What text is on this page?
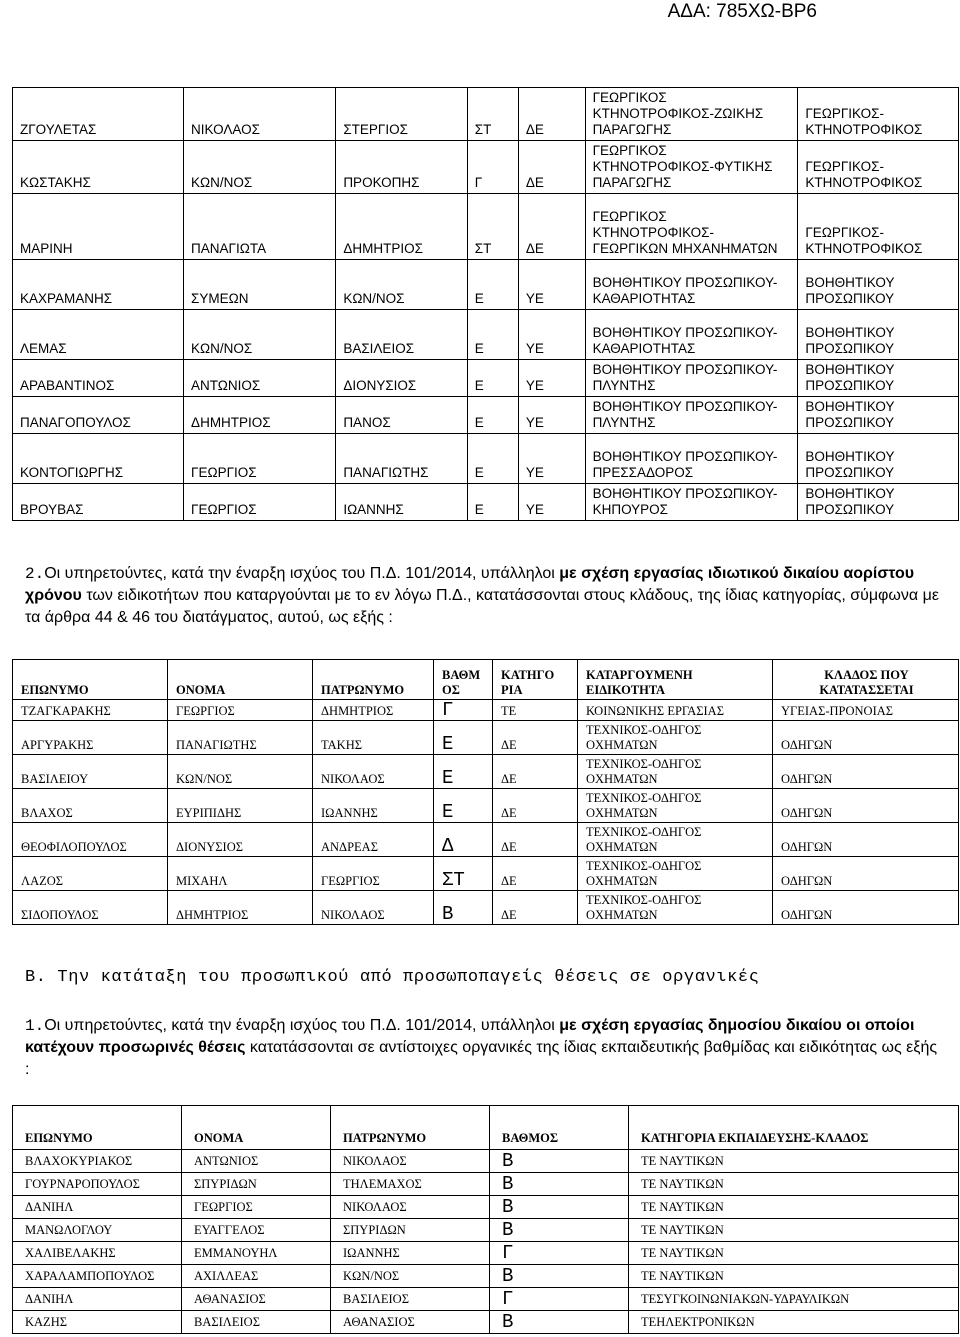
ΑΔΑ: 785ΧΩ-ΒΡ6
ΖΓΟΥΛΕΤΑΣ	ΝΙΚΟΛΑΟΣ	ΣΤΕΡΓΙΟΣ	ΣΤ	ΔΕ	ΓΕΩΡΓΙΚΟΣ ΚΤΗΝΟΤΡΟΦΙΚΟΣ-ΖΩΙΚΗΣ ΠΑΡΑΓΩΓΗΣ	ΓΕΩΡΓΙΚΟΣ- ΚΤΗΝΟΤΡΟΦΙΚΟΣ
ΚΩΣΤΑΚΗΣ	ΚΩΝ/ΝΟΣ	ΠΡΟΚΟΠΗΣ	Γ	ΔΕ	ΓΕΩΡΓΙΚΟΣ ΚΤΗΝΟΤΡΟΦΙΚΟΣ-ΦΥΤΙΚΗΣ ΠΑΡΑΓΩΓΗΣ	ΓΕΩΡΓΙΚΟΣ- ΚΤΗΝΟΤΡΟΦΙΚΟΣ
ΜΑΡΙΝΗ	ΠΑΝΑΓΙΩΤΑ	ΔΗΜΗΤΡΙΟΣ	ΣΤ	ΔΕ	ΓΕΩΡΓΙΚΟΣ ΚΤΗΝΟΤΡΟΦΙΚΟΣ- ΓΕΩΡΓΙΚΩΝ ΜΗΧΑΝΗΜΑΤΩΝ	ΓΕΩΡΓΙΚΟΣ- ΚΤΗΝΟΤΡΟΦΙΚΟΣ
ΚΑΧΡΑΜΑΝΗΣ	ΣΥΜΕΩΝ	ΚΩΝ/ΝΟΣ	Ε	ΥΕ	ΒΟΗΘΗΤΙΚΟΥ ΠΡΟΣΩΠΙΚΟΥ- ΚΑΘΑΡΙΟΤΗΤΑΣ	ΒΟΗΘΗΤΙΚΟΥ ΠΡΟΣΩΠΙΚΟΥ
ΛΕΜΑΣ	ΚΩΝ/ΝΟΣ	ΒΑΣΙΛΕΙΟΣ	Ε	ΥΕ	ΒΟΗΘΗΤΙΚΟΥ ΠΡΟΣΩΠΙΚΟΥ- ΚΑΘΑΡΙΟΤΗΤΑΣ	ΒΟΗΘΗΤΙΚΟΥ ΠΡΟΣΩΠΙΚΟΥ
ΑΡΑΒΑΝΤΙΝΟΣ	ΑΝΤΩΝΙΟΣ	ΔΙΟΝΥΣΙΟΣ	Ε	ΥΕ	ΒΟΗΘΗΤΙΚΟΥ ΠΡΟΣΩΠΙΚΟΥ-ΠΛΥΝΤΗΣ	ΒΟΗΘΗΤΙΚΟΥ ΠΡΟΣΩΠΙΚΟΥ
ΠΑΝΑΓΟΠΟΥΛΟΣ	ΔΗΜΗΤΡΙΟΣ	ΠΑΝΟΣ	Ε	ΥΕ	ΒΟΗΘΗΤΙΚΟΥ ΠΡΟΣΩΠΙΚΟΥ-ΠΛΥΝΤΗΣ	ΒΟΗΘΗΤΙΚΟΥ ΠΡΟΣΩΠΙΚΟΥ
ΚΟΝΤΟΓΙΩΡΓΗΣ	ΓΕΩΡΓΙΟΣ	ΠΑΝΑΓΙΩΤΗΣ	Ε	ΥΕ	ΒΟΗΘΗΤΙΚΟΥ ΠΡΟΣΩΠΙΚΟΥ- ΠΡΕΣΣΑΔΟΡΟΣ	ΒΟΗΘΗΤΙΚΟΥ ΠΡΟΣΩΠΙΚΟΥ
ΒΡΟΥΒΑΣ	ΓΕΩΡΓΙΟΣ	ΙΩΑΝΝΗΣ	Ε	ΥΕ	ΒΟΗΘΗΤΙΚΟΥ ΠΡΟΣΩΠΙΚΟΥ-ΚΗΠΟΥΡΟΣ	ΒΟΗΘΗΤΙΚΟΥ ΠΡΟΣΩΠΙΚΟΥ
2.Οι υπηρετούντες, κατά την έναρξη ισχύος του Π.Δ. 101/2014, υπάλληλοι με σχέση εργασίας ιδιωτικού δικαίου αορίστου χρόνου των ειδικοτήτων που καταργούνται με το εν λόγω Π.Δ., κατατάσσονται στους κλάδους, της ίδιας κατηγορίας, σύμφωνα με τα άρθρα 44 & 46 του διατάγματος, αυτού, ως εξής :
ΕΠΩΝΥΜΟ	ΟΝΟΜΑ	ΠΑΤΡΩΝΥΜΟ	ΒΑΘΜ ΟΣ	ΚΑΤΗΓΟ ΡΙΑ	ΚΑΤΑΡΓΟΥΜΕΝΗ ΕΙΔΙΚΟΤΗΤΑ	ΚΛΑΔΟΣ ΠΟΥ ΚΑΤΑΤΑΣΣΕΤΑΙ
ΤΖΑΓΚΑΡΑΚΗΣ	ΓΕΩΡΓΙΟΣ	ΔΗΜΗΤΡΙΟΣ	Γ	ΤΕ	ΚΟΙΝΩΝΙΚΗΣ ΕΡΓΑΣΙΑΣ	ΥΓΕΙΑΣ-ΠΡΟΝΟΙΑΣ
ΑΡΓΥΡΑΚΗΣ	ΠΑΝΑΓΙΩΤΗΣ	ΤΑΚΗΣ	Ε	ΔΕ	ΤΕΧΝΙΚΟΣ-ΟΔΗΓΟΣ ΟΧΗΜΑΤΩΝ	ΟΔΗΓΩΝ
ΒΑΣΙΛΕΙΟΥ	ΚΩΝ/ΝΟΣ	ΝΙΚΟΛΑΟΣ	Ε	ΔΕ	ΤΕΧΝΙΚΟΣ-ΟΔΗΓΟΣ ΟΧΗΜΑΤΩΝ	ΟΔΗΓΩΝ
ΒΛΑΧΟΣ	ΕΥΡΙΠΙΔΗΣ	ΙΩΑΝΝΗΣ	Ε	ΔΕ	ΤΕΧΝΙΚΟΣ-ΟΔΗΓΟΣ ΟΧΗΜΑΤΩΝ	ΟΔΗΓΩΝ
ΘΕΟΦΙΛΟΠΟΥΛΟΣ	ΔΙΟΝΥΣΙΟΣ	ΑΝΔΡΕΑΣ	Δ	ΔΕ	ΤΕΧΝΙΚΟΣ-ΟΔΗΓΟΣ ΟΧΗΜΑΤΩΝ	ΟΔΗΓΩΝ
ΛΑΖΟΣ	ΜΙΧΑΗΛ	ΓΕΩΡΓΙΟΣ	ΣΤ	ΔΕ	ΤΕΧΝΙΚΟΣ-ΟΔΗΓΟΣ ΟΧΗΜΑΤΩΝ	ΟΔΗΓΩΝ
ΣΙΔΟΠΟΥΛΟΣ	ΔΗΜΗΤΡΙΟΣ	ΝΙΚΟΛΑΟΣ	Β	ΔΕ	ΤΕΧΝΙΚΟΣ-ΟΔΗΓΟΣ ΟΧΗΜΑΤΩΝ	ΟΔΗΓΩΝ
Β. Την κατάταξη του προσωπικού από προσωποπαγείς θέσεις σε οργανικές
1.Οι υπηρετούντες, κατά την έναρξη ισχύος του Π.Δ. 101/2014, υπάλληλοι με σχέση εργασίας δημοσίου δικαίου οι οποίοι κατέχουν προσωρινές θέσεις κατατάσσονται σε αντίστοιχες οργανικές της ίδιας εκπαιδευτικής βαθμίδας και ειδικότητας ως εξής :
ΕΠΩΝΥΜΟ	ΟΝΟΜΑ	ΠΑΤΡΩΝΥΜΟ	ΒΑΘΜΟΣ	ΚΑΤΗΓΟΡΙΑ ΕΚΠΑΙΔΕΥΣΗΣ-ΚΛΑΔΟΣ
ΒΛΑΧΟΚΥΡΙΑΚΟΣ	ΑΝΤΩΝΙΟΣ	ΝΙΚΟΛΑΟΣ	Β	ΤΕ ΝΑΥΤΙΚΩΝ
ΓΟΥΡΝΑΡΟΠΟΥΛΟΣ	ΣΠΥΡΙΔΩΝ	ΤΗΛΕΜΑΧΟΣ	Β	ΤΕ ΝΑΥΤΙΚΩΝ
ΔΑΝΙΗΛ	ΓΕΩΡΓΙΟΣ	ΝΙΚΟΛΑΟΣ	Β	ΤΕ ΝΑΥΤΙΚΩΝ
ΜΑΝΩΛΟΓΛΟΥ	ΕΥΑΓΓΕΛΟΣ	ΣΠΥΡΙΔΩΝ	Β	ΤΕ ΝΑΥΤΙΚΩΝ
ΧΑΛΙΒΕΛΑΚΗΣ	ΕΜΜΑΝΟΥΗΛ	ΙΩΑΝΝΗΣ	Γ	ΤΕ ΝΑΥΤΙΚΩΝ
ΧΑΡΑΛΑΜΠΟΠΟΥΛΟΣ	ΑΧΙΛΛΕΑΣ	ΚΩΝ/ΝΟΣ	Β	ΤΕ ΝΑΥΤΙΚΩΝ
ΔΑΝΙΗΛ	ΑΘΑΝΑΣΙΟΣ	ΒΑΣΙΛΕΙΟΣ	Γ	ΤΕΣΥΓΚΟΙΝΩΝΙΑΚΩΝ-ΥΔΡΑΥΛΙΚΩΝ
ΚΑΖΗΣ	ΒΑΣΙΛΕΙΟΣ	ΑΘΑΝΑΣΙΟΣ	Β	ΤΕΗΛΕΚΤΡΟΝΙΚΩΝ
